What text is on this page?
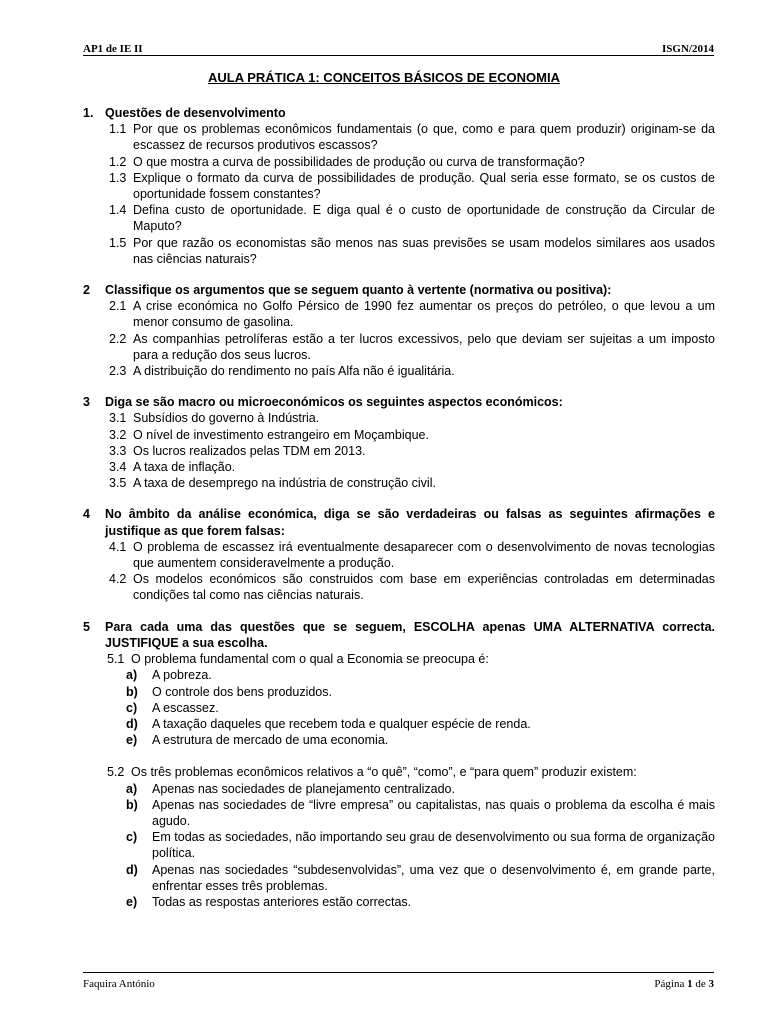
AP1 de IE II	ISGN/2014
AULA PRÁTICA 1: CONCEITOS BÁSICOS DE ECONOMIA
1. Questões de desenvolvimento
1.1 Por que os problemas econômicos fundamentais (o que, como e para quem produzir) originam-se da escassez de recursos produtivos escassos?
1.2 O que mostra a curva de possibilidades de produção ou curva de transformação?
1.3 Explique o formato da curva de possibilidades de produção. Qual seria esse formato, se os custos de oportunidade fossem constantes?
1.4 Defina custo de oportunidade. E diga qual é o custo de oportunidade de construção da Circular de Maputo?
1.5 Por que razão os economistas são menos nas suas previsões se usam modelos similares aos usados nas ciências naturais?
2	Classifique os argumentos que se seguem quanto à vertente (normativa ou positiva):
2.1 A crise económica no Golfo Pérsico de 1990 fez aumentar os preços do petróleo, o que levou a um menor consumo de gasolina.
2.2 As companhias petrolíferas estão a ter lucros excessivos, pelo que deviam ser sujeitas a um imposto para a redução dos seus lucros.
2.3 A distribuição do rendimento no país Alfa não é igualitária.
3	Diga se são macro ou microeconómicos os seguintes aspectos económicos:
3.1 Subsídios do governo à Indústria.
3.2 O nível de investimento estrangeiro em Moçambique.
3.3 Os lucros realizados pelas TDM em 2013.
3.4 A taxa de inflação.
3.5 A taxa de desemprego na indústria de construção civil.
4	No âmbito da análise económica, diga se são verdadeiras ou falsas as seguintes afirmações e justifique as que forem falsas:
4.1 O problema de escassez irá eventualmente desaparecer com o desenvolvimento de novas tecnologias que aumentem consideravelmente a produção.
4.2 Os modelos económicos são construidos com base em experiências controladas em determinadas condições tal como nas ciências naturais.
5	Para cada uma das questões que se seguem, ESCOLHA apenas UMA ALTERNATIVA correcta. JUSTIFIQUE a sua escolha.
5.1 O problema fundamental com o qual a Economia se preocupa é:
a)	A pobreza.
b)	O controle dos bens produzidos.
c)	A escassez.
d)	A taxação daqueles que recebem toda e qualquer espécie de renda.
e)	A estrutura de mercado de uma economia.
5.2 Os três problemas econômicos relativos a “o quê”, “como”, e “para quem” produzir existem:
a)	Apenas nas sociedades de planejamento centralizado.
b)	Apenas nas sociedades de “livre empresa” ou capitalistas, nas quais o problema da escolha é mais agudo.
c)	Em todas as sociedades, não importando seu grau de desenvolvimento ou sua forma de organização política.
d)	Apenas nas sociedades “subdesenvolvidas”, uma vez que o desenvolvimento é, em grande parte, enfrentar esses três problemas.
e)	Todas as respostas anteriores estão correctas.
Faquira António	Página 1 de 3
